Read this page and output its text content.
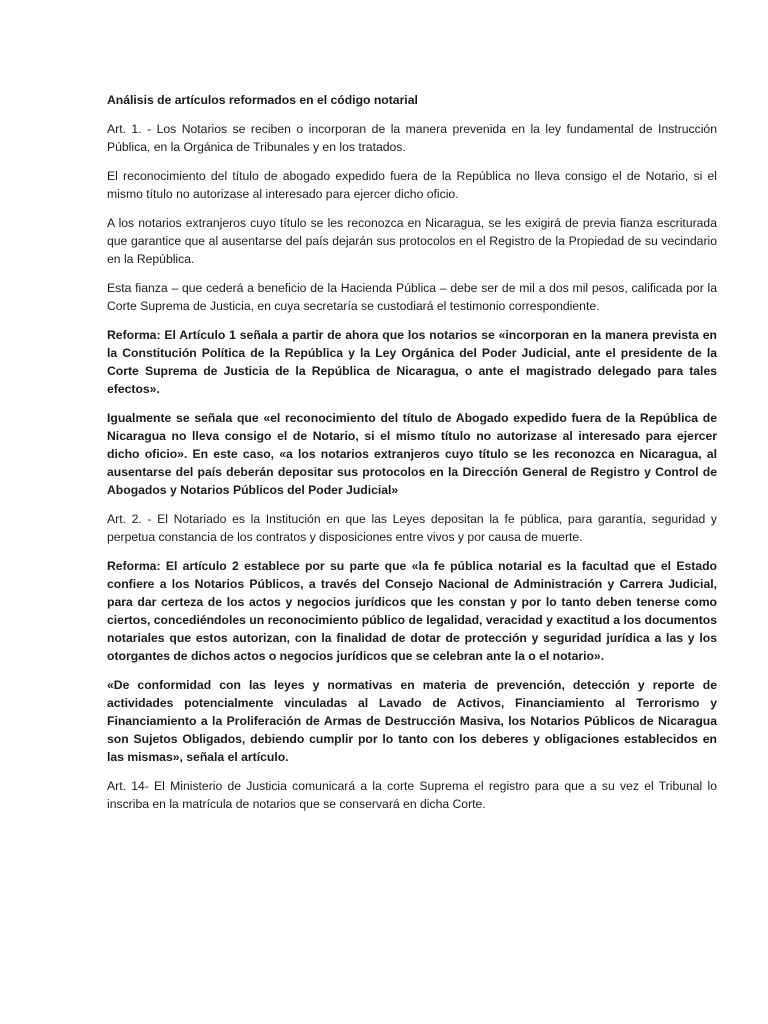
Análisis de artículos reformados en el código notarial

Art. 1. - Los Notarios se reciben o incorporan de la manera prevenida en la ley fundamental de Instrucción Pública, en la Orgánica de Tribunales y en los tratados.

El reconocimiento del título de abogado expedido fuera de la República no lleva consigo el de Notario, si el mismo título no autorizase al interesado para ejercer dicho oficio.

A los notarios extranjeros cuyo título se les reconozca en Nicaragua, se les exigirá de previa fianza escriturada que garantice que al ausentarse del país dejarán sus protocolos en el Registro de la Propiedad de su vecindario en la República.

Esta fianza – que cederá a beneficio de la Hacienda Pública – debe ser de mil a dos mil pesos, calificada por la Corte Suprema de Justicia, en cuya secretaría se custodiará el testimonio correspondiente.

Reforma: El Artículo 1 señala a partir de ahora que los notarios se «incorporan en la manera prevista en la Constitución Política de la República y la Ley Orgánica del Poder Judicial, ante el presidente de la Corte Suprema de Justicia de la República de Nicaragua, o ante el magistrado delegado para tales efectos».

Igualmente se señala que «el reconocimiento del título de Abogado expedido fuera de la República de Nicaragua no lleva consigo el de Notario, si el mismo título no autorizase al interesado para ejercer dicho oficio». En este caso, «a los notarios extranjeros cuyo título se les reconozca en Nicaragua, al ausentarse del país deberán depositar sus protocolos en la Dirección General de Registro y Control de Abogados y Notarios Públicos del Poder Judicial»

Art. 2. - El Notariado es la Institución en que las Leyes depositan la fe pública, para garantía, seguridad y perpetua constancia de los contratos y disposiciones entre vivos y por causa de muerte.

Reforma: El artículo 2 establece por su parte que «la fe pública notarial es la facultad que el Estado confiere a los Notarios Públicos, a través del Consejo Nacional de Administración y Carrera Judicial, para dar certeza de los actos y negocios jurídicos que les constan y por lo tanto deben tenerse como ciertos, concediéndoles un reconocimiento público de legalidad, veracidad y exactitud a los documentos notariales que estos autorizan, con la finalidad de dotar de protección y seguridad jurídica a las y los otorgantes de dichos actos o negocios jurídicos que se celebran ante la o el notario».

«De conformidad con las leyes y normativas en materia de prevención, detección y reporte de actividades potencialmente vinculadas al Lavado de Activos, Financiamiento al Terrorismo y Financiamiento a la Proliferación de Armas de Destrucción Masiva, los Notarios Públicos de Nicaragua son Sujetos Obligados, debiendo cumplir por lo tanto con los deberes y obligaciones establecidos en las mismas», señala el artículo.

Art. 14- El Ministerio de Justicia comunicará a la corte Suprema el registro para que a su vez el Tribunal lo inscriba en la matrícula de notarios que se conservará en dicha Corte.
